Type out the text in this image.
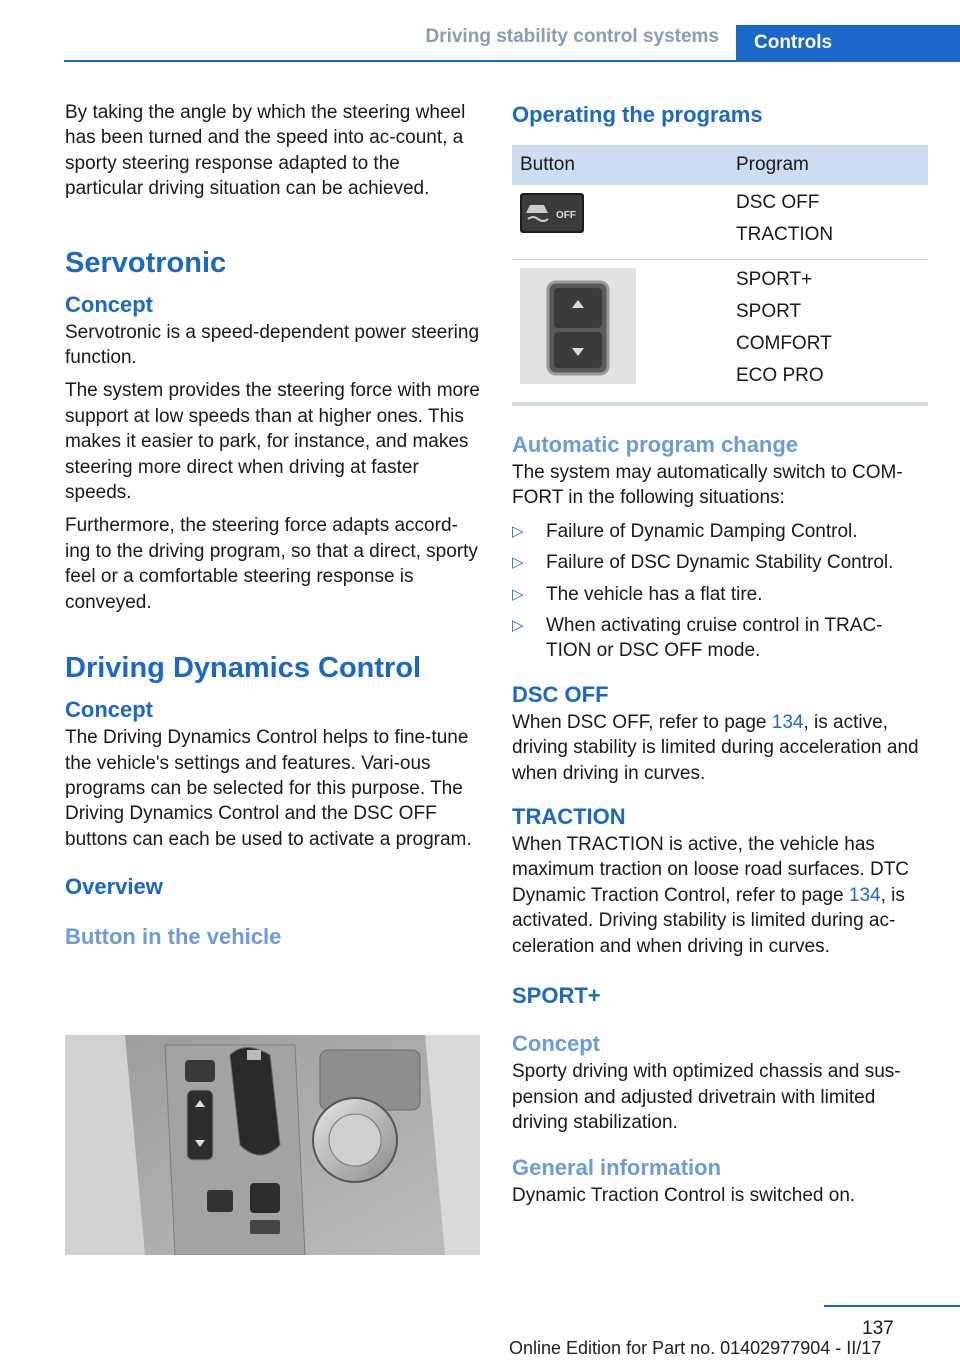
Driving stability control systems	Controls

By taking the angle by which the steering wheel has been turned and the speed into ac-count, a sporty steering response adapted to the particular driving situation can be achieved.

Servotronic
Concept

Servotronic is a speed-dependent power steering function.

The system provides the steering force with more support at low speeds than at higher ones. This makes it easier to park, for instance, and makes steering more direct when driving at faster speeds.

Furthermore, the steering force adapts accord-ing to the driving program, so that a direct, sporty feel or a comfortable steering response is conveyed.

Driving Dynamics Control
Concept

The Driving Dynamics Control helps to fine-tune the vehicle's settings and features. Vari-ous programs can be selected for this purpose. The Driving Dynamics Control and the DSC OFF buttons can each be used to activate a program.

Overview
Button in the vehicle
Operating the programs
Button	Program

OFF	DSC OFF
TRACTION

SPORT+
SPORT
COMFORT
ECO PRO
Automatic program change

The system may automatically switch to COM-FORT in the following situations:

▷ Failure of Dynamic Damping Control.
▷ Failure of DSC Dynamic Stability Control.
▷ The vehicle has a flat tire.
▷ When activating cruise control in TRAC-TION or DSC OFF mode.
DSC OFF

When DSC OFF, refer to page 134, is active, driving stability is limited during acceleration and when driving in curves.

TRACTION

When TRACTION is active, the vehicle has maximum traction on loose road surfaces. DTC Dynamic Traction Control, refer to page 134, is activated. Driving stability is limited during ac-celeration and when driving in curves.

SPORT+
Concept

Sporty driving with optimized chassis and sus-pension and adjusted drivetrain with limited driving stabilization.

General information

Dynamic Traction Control is switched on.

137
Online Edition for Part no. 01402977904 - II/17
